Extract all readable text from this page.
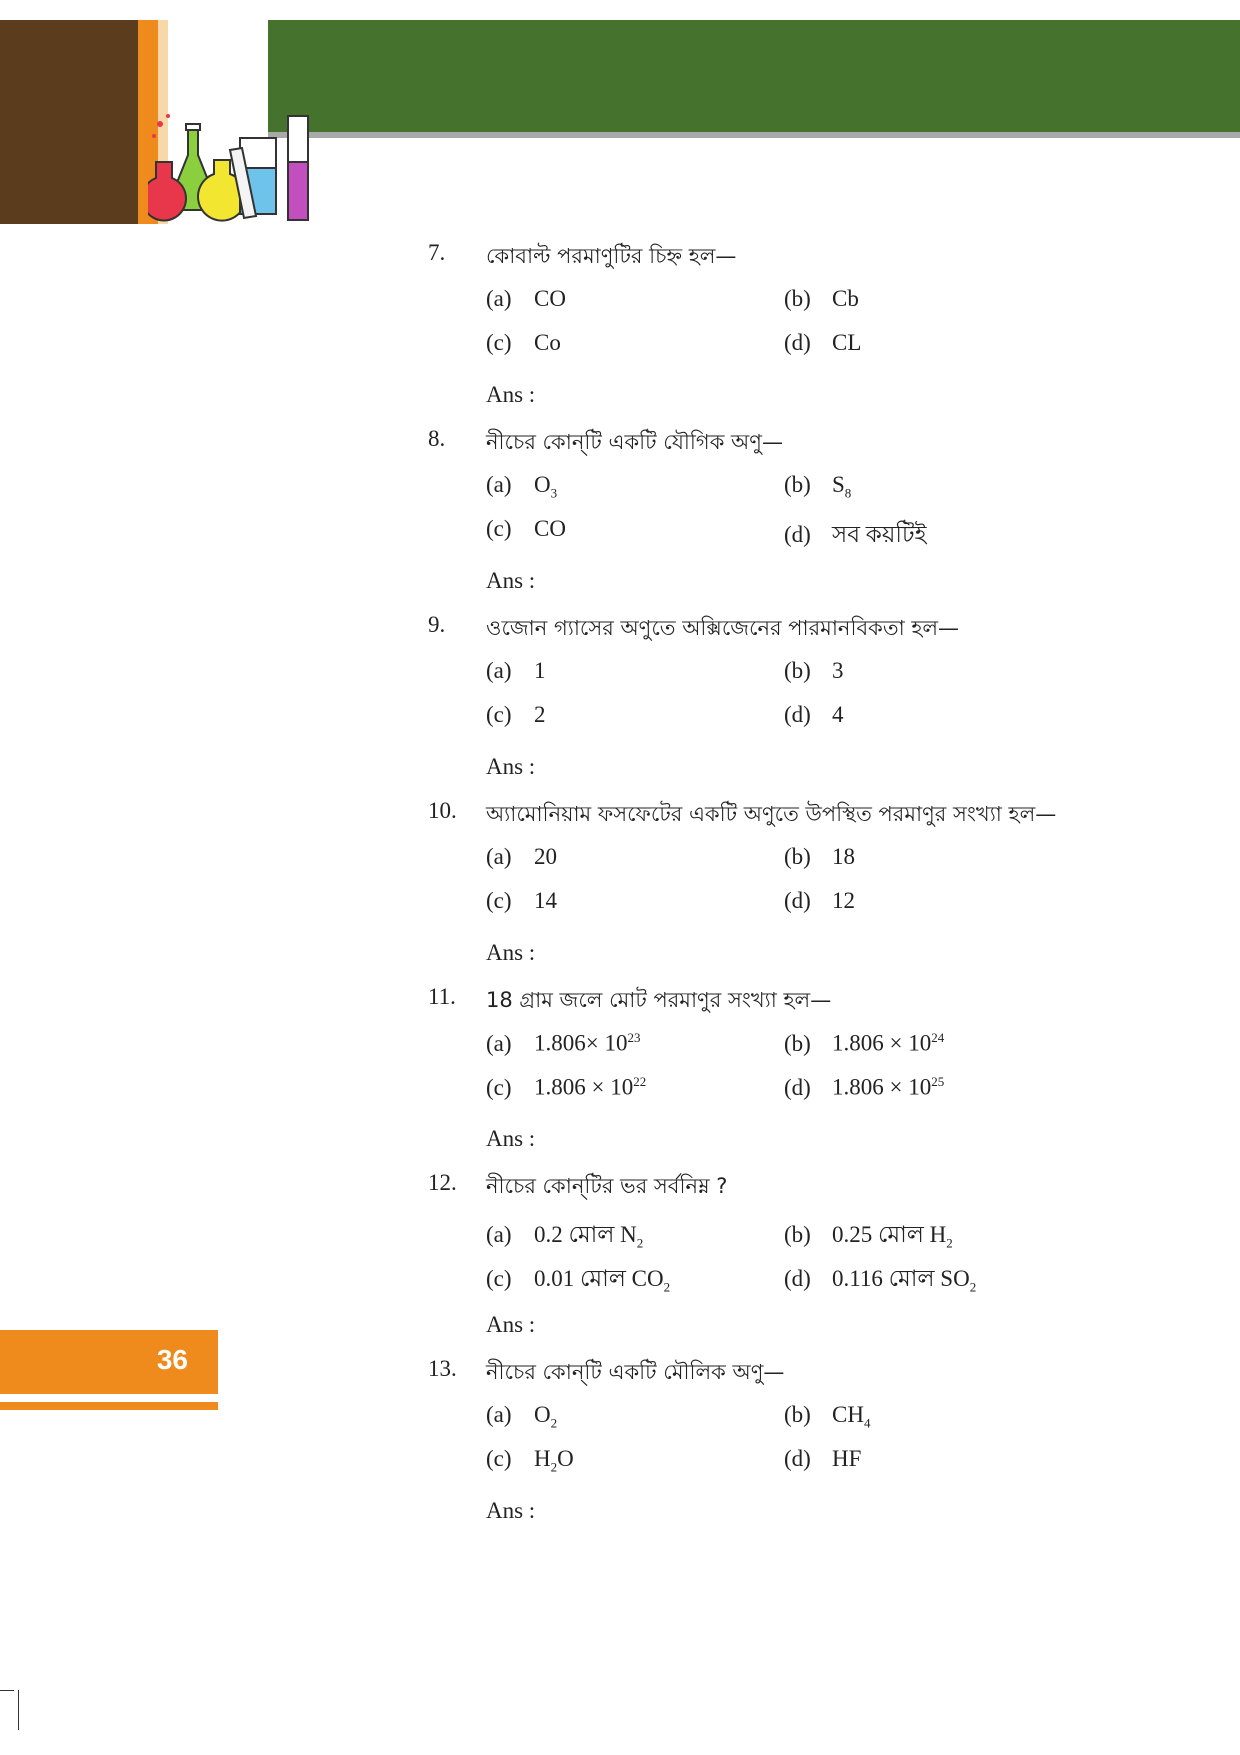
7. কোবাল্ট পরমাণুটির চিহ্ন হল—
(a) CO	(b) Cb
(c) Co	(d) CL
Ans :
8. নীচের কোন্‌টি একটি যৌগিক অণু—
(a) $O_3$	(b) $S_8$
(c) CO	(d) সব কয়টিই
Ans :
9. ওজোন গ্যাসের অণুতে অক্সিজেনের পারমানবিকতা হল—
(a) 1	(b) 3
(c) 2	(d) 4
Ans :
10. অ্যামোনিয়াম ফসফেটের একটি অণুতে উপস্থিত পরমাণুর সংখ্যা হল—
(a) 20	(b) 18
(c) 14	(d) 12
Ans :
11. 18 গ্রাম জলে মোট পরমাণুর সংখ্যা হল—
(a) $1.806\times 10^{23}$	(b) $1.806 \times 10^{24}$
(c) $1.806 \times 10^{22}$	(d) $1.806 \times 10^{25}$
Ans :
12. নীচের কোন্‌টির ভর সর্বনিম্ন ?
(a) 0.2 মোল $N_2$	(b) 0.25 মোল $H_2$
(c) 0.01 মোল $CO_2$	(d) 0.116 মোল $SO_2$
Ans :
13. নীচের কোন্‌টি একটি মৌলিক অণু—
(a) $O_2$	(b) $CH_4$
(c) $H_2O$	(d) HF
Ans :
36
